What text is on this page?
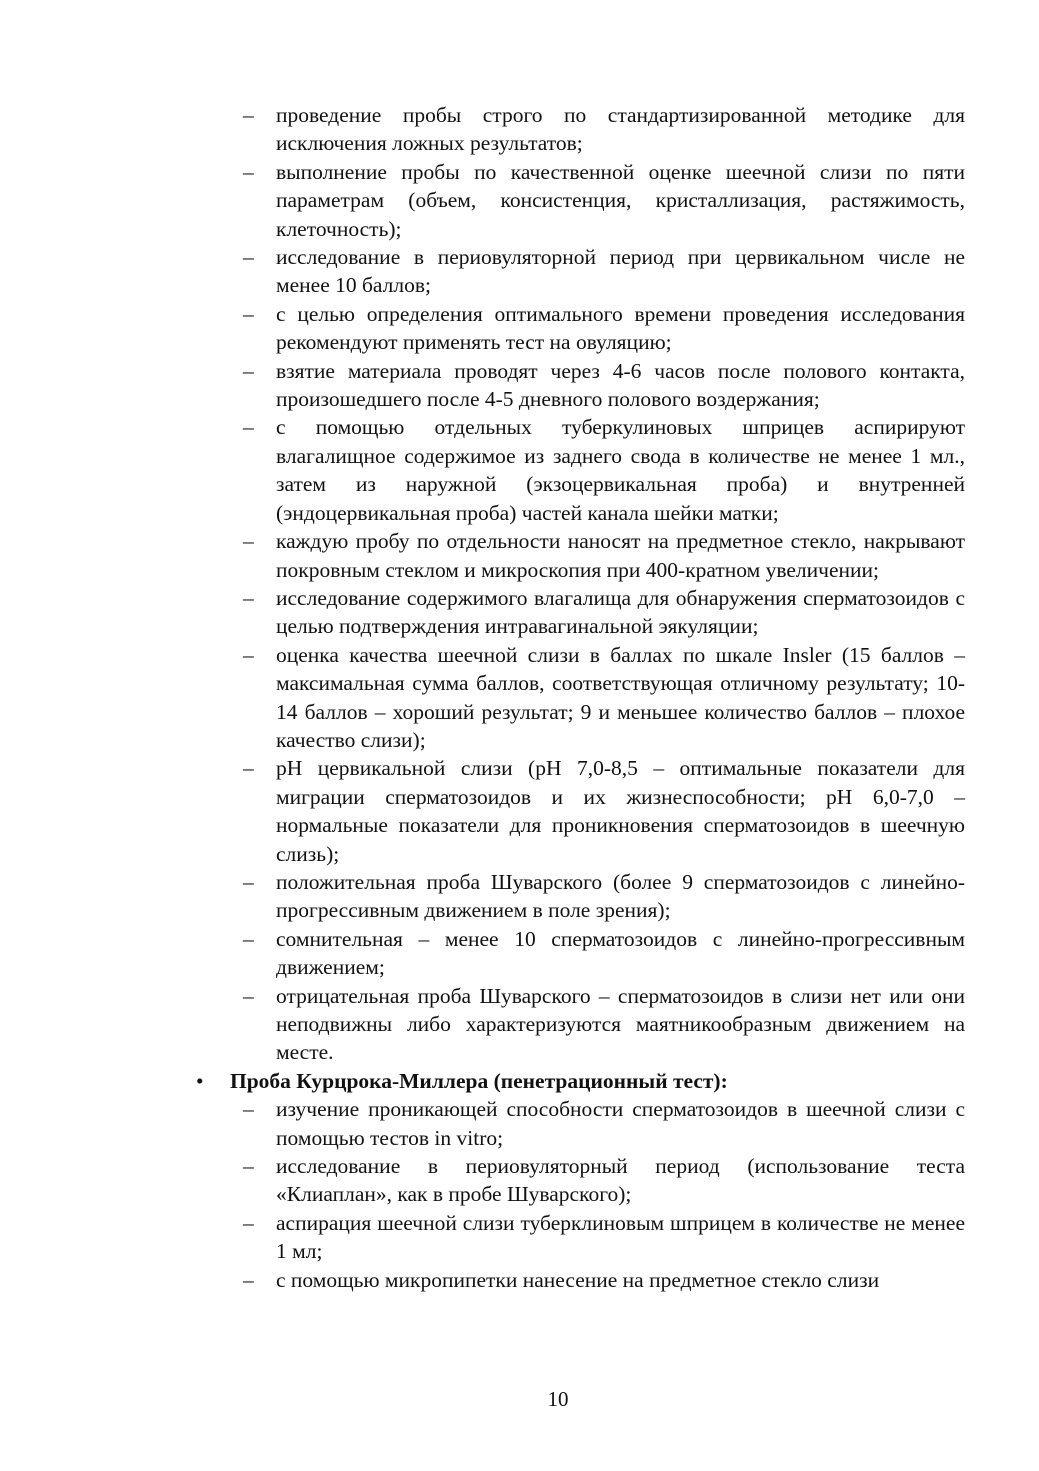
–	проведение пробы строго по стандартизированной методике для исключения ложных результатов;
–	выполнение пробы по качественной оценке шеечной слизи по пяти параметрам (объем, консистенция, кристаллизация, растяжимость, клеточность);
–	исследование в периовуляторной период при цервикальном числе не менее 10 баллов;
–	с целью определения оптимального времени проведения исследования рекомендуют применять тест на овуляцию;
–	взятие материала проводят через 4-6 часов после полового контакта, произошедшего после 4-5 дневного полового воздержания;
–	с помощью отдельных туберкулиновых шприцев аспирируют влагалищное содержимое из заднего свода в количестве не менее 1 мл., затем из наружной (экзоцервикальная проба) и внутренней (эндоцервикальная проба) частей канала шейки матки;
–	каждую пробу по отдельности наносят на предметное стекло, накрывают покровным стеклом и микроскопия при 400-кратном увеличении;
–	исследование содержимого влагалища для обнаружения сперматозоидов с целью подтверждения интравагинальной эякуляции;
–	оценка качества шеечной слизи в баллах по шкале Insler (15 баллов – максимальная сумма баллов, соответствующая отличному результату; 10-14 баллов – хороший результат; 9 и меньшее количество баллов – плохое качество слизи);
–	pH цервикальной слизи (pH 7,0-8,5 – оптимальные показатели для миграции сперматозоидов и их жизнеспособности; pH 6,0-7,0 – нормальные показатели для проникновения сперматозоидов в шеечную слизь);
–	положительная проба Шуварского (более 9 сперматозоидов с линейно-прогрессивным движением в поле зрения);
–	сомнительная – менее 10 сперматозоидов с линейно-прогрессивным движением;
–	отрицательная проба Шуварского – сперматозоидов в слизи нет или они неподвижны либо характеризуются маятникообразным движением на месте.
• Проба Курцрока-Миллера (пенетрационный тест):
–	изучение проникающей способности сперматозоидов в шеечной слизи с помощью тестов in vitro;
–	исследование в периовуляторный период (использование теста «Клиаплан», как в пробе Шуварского);
–	аспирация шеечной слизи туберклиновым шприцем в количестве не менее 1 мл;
–	с помощью микропипетки нанесение на предметное стекло слизи
10
